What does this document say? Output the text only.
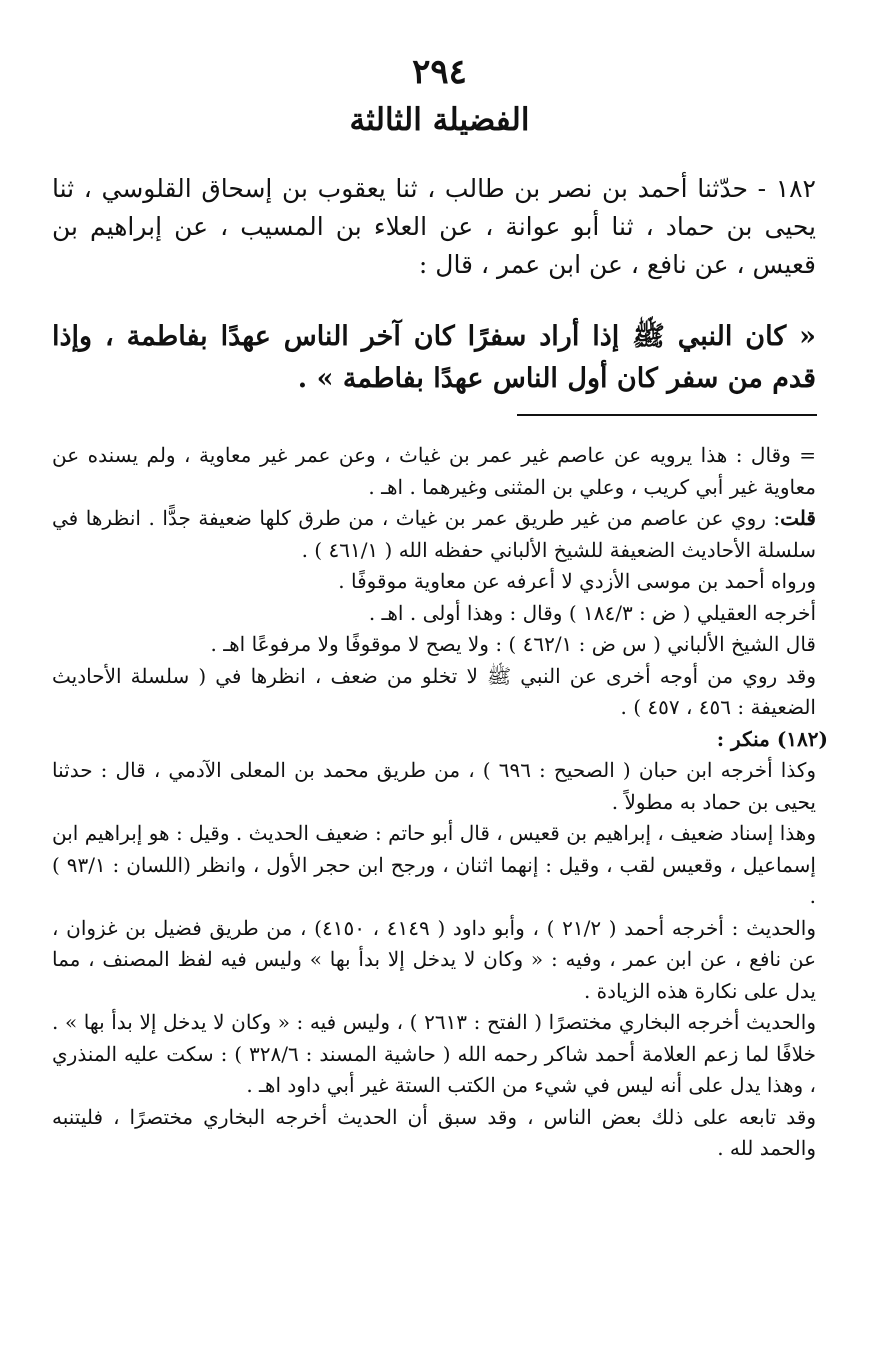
٢٩٤
الفضيلة الثالثة

١٨٢ - حدّثنا أحمد بن نصر بن طالب ، ثنا يعقوب بن إسحاق القلوسي ، ثنا يحيى بن حماد ، ثنا أبو عوانة ، عن العلاء بن المسيب ، عن إبراهيم بن قعيس ، عن نافع ، عن ابن عمر ، قال :

« كان النبي ﷺ إذا أراد سفرًا كان آخر الناس عهدًا بفاطمة ، وإذا قدم من سفر كان أول الناس عهدًا بفاطمة » .

= وقال : هذا يرويه عن عاصم غير عمر بن غياث ، وعن عمر غير معاوية ، ولم يسنده عن معاوية غير أبي كريب ، وعلي بن المثنى وغيرهما . اهـ .

قلت: روي عن عاصم من غير طريق عمر بن غياث ، من طرق كلها ضعيفة جدًّا . انظرها في سلسلة الأحاديث الضعيفة للشيخ الألباني حفظه الله ( ٤٦١/١ ) .

ورواه أحمد بن موسى الأزدي لا أعرفه عن معاوية موقوفًا .

أخرجه العقيلي ( ض : ١٨٤/٣ ) وقال : وهذا أولى . اهـ .

قال الشيخ الألباني ( س ض : ٤٦٢/١ ) : ولا يصح لا موقوفًا ولا مرفوعًا اهـ .

وقد روي من أوجه أخرى عن النبي ﷺ لا تخلو من ضعف ، انظرها في ( سلسلة الأحاديث الضعيفة : ٤٥٦ ، ٤٥٧ ) .

(١٨٢) منكر :

وكذا أخرجه ابن حبان ( الصحيح : ٦٩٦ ) ، من طريق محمد بن المعلى الآدمي ، قال : حدثنا يحيى بن حماد به مطولاً .

وهذا إسناد ضعيف ، إبراهيم بن قعيس ، قال أبو حاتم : ضعيف الحديث . وقيل : هو إبراهيم ابن إسماعيل ، وقعيس لقب ، وقيل : إنهما اثنان ، ورجح ابن حجر الأول ، وانظر (اللسان : ٩٣/١ ) .

والحديث : أخرجه أحمد ( ٢١/٢ ) ، وأبو داود ( ٤١٤٩ ، ٤١٥٠) ، من طريق فضيل بن غزوان ، عن نافع ، عن ابن عمر ، وفيه : « وكان لا يدخل إلا بدأ بها » وليس فيه لفظ المصنف ، مما يدل على نكارة هذه الزيادة .

والحديث أخرجه البخاري مختصرًا ( الفتح : ٢٦١٣ ) ، وليس فيه : « وكان لا يدخل إلا بدأ بها » . خلافًا لما زعم العلامة أحمد شاكر رحمه الله ( حاشية المسند : ٣٢٨/٦ ) : سكت عليه المنذري ، وهذا يدل على أنه ليس في شيء من الكتب الستة غير أبي داود اهـ .

وقد تابعه على ذلك بعض الناس ، وقد سبق أن الحديث أخرجه البخاري مختصرًا ، فليتنبه والحمد لله .
